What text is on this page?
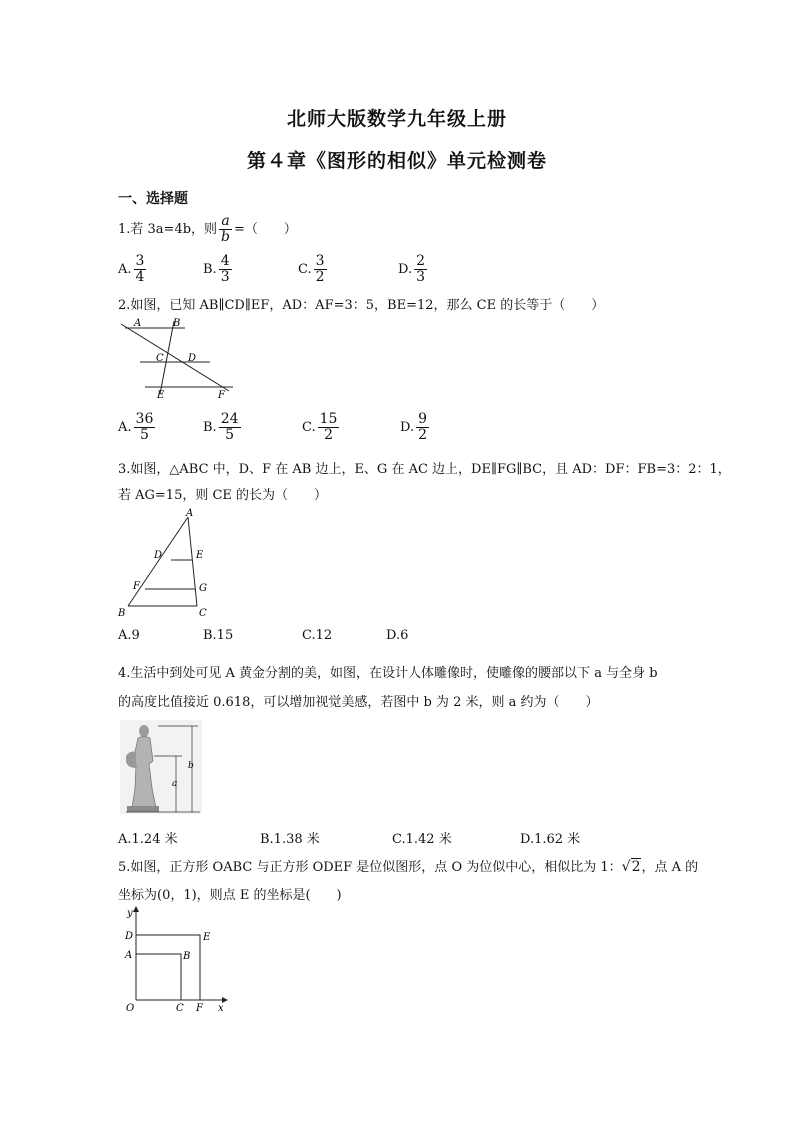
北师大版数学九年级上册
第４章《图形的相似》单元检测卷
一、选择题
1.若 3a=4b，则 $\frac{a}{b}$ =（　　）
A. $\frac{3}{4}$	B. $\frac{4}{3}$	C. $\frac{3}{2}$	D. $\frac{2}{3}$
2.如图，已知 AB∥CD∥EF，AD：AF=3：5，BE=12，那么 CE 的长等于（　　）
A	B
C D
E	F
A. $\frac{36}{5}$	B. $\frac{24}{5}$	C. $\frac{15}{2}$	D. $\frac{9}{2}$
3.如图，△ABC 中，D、F 在 AB 边上，E、G 在 AC 边上，DE∥FG∥BC，且 AD：DF：FB=3：2：1，
若 AG=15，则 CE 的长为（　　）
A
D	E
F	G
B	C
A.9	B.15	C.12	D.6
4.生活中到处可见 A 黄金分割的美，如图，在设计人体雕像时，使雕像的腰部以下 a 与全身 b
的高度比值接近 0.618，可以增加视觉美感，若图中 b 为 2 米，则 a 约为（　　）
a
b
A.1.24 米	B.1.38 米	C.1.42 米	D.1.62 米
5.如图，正方形 OABC 与正方形 ODEF 是位似图形，点 O 为位似中心，相似比为 1：√2，点 A 的
坐标为(0，1)，则点 E 的坐标是(　　)
y
x
O
A	B
C
D	E
F
